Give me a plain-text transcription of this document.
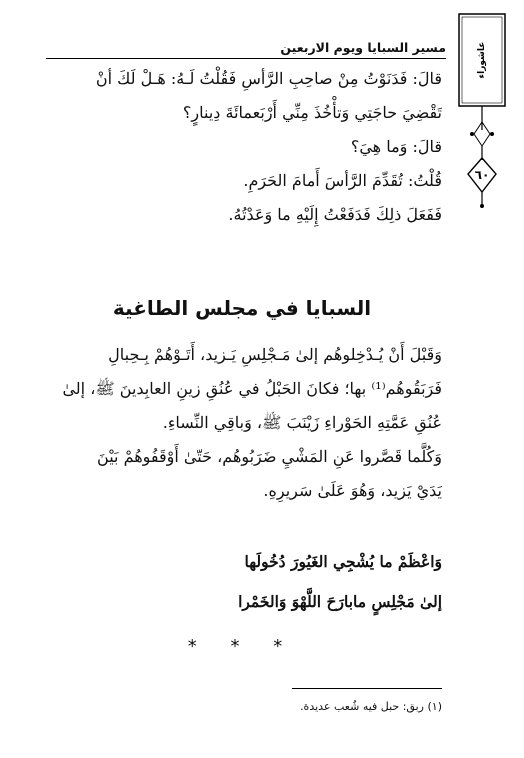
مسير السبايا ويوم الاربعين	عاشوراء
٦٠
قالَ: فَدَنَوْتُ مِنْ صاحِبِ الرَّأسِ فَقُلْتُ لَـهُ: هَـلْ لَكَ أنْ
تَقْضِيَ حاجَتِي وَتأْخُذَ مِنِّي أَرْبَعمائَةَ دِينارٍ؟
قالَ: وَما هِيَ؟
قُلْتُ: تُقَدِّمَ الرَّأسَ أَمامَ الحَرَمِ.
فَفَعَلَ ذلِكَ فَدَفَعْتُ إِلَيْهِ ما وَعَدْتُهُ.
السبايا في مجلس الطاغية
وَقَبْلَ أَنْ يُـدْخِلوهُم إلىٰ مَـجْلِسِ يَـزيد، أَتَـوْهُمْ بِـحِبالِ
فَرَبَقُوهُم⁽¹⁾ بها؛ فكانَ الحَبْلُ في عُنُقِ زينِ العابِدينَ ﷺ، إلىٰ
عُنُقِ عَمَّتِهِ الحَوْراءِ زَيْنَبَ ﷺ، وَباقِي النِّساءِ.
وَكُلَّما قَصَّروا عَنِ المَشْيِ ضَرَبُوهُم، حَتّىٰ أَوْقَفُوهُمْ بَيْنَ
يَدَيْ يَزيد، وَهُوَ عَلَىٰ سَريرِهِ.
وَاعْظَمْ ما يُشْجِي الغَيُورَ دُخُولَها
إلىٰ مَجْلِسٍ مابارَحَ اللَّهْوَ وَالخَمْرا
* * *
(١) ربق: حبل فيه شُعب عديدة.
